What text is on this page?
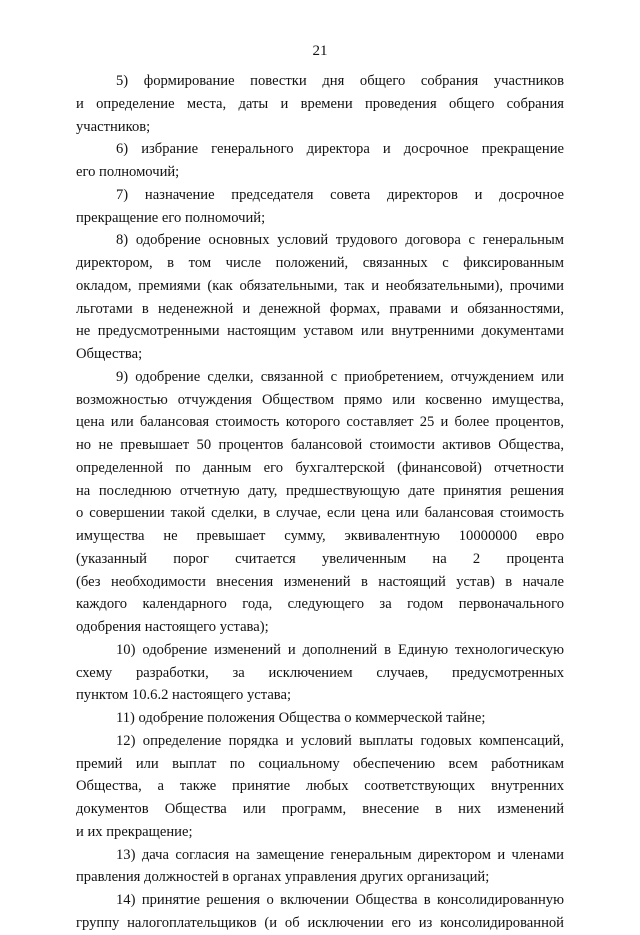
21
5) формирование повестки дня общего собрания участников
и определение места, даты и времени проведения общего собрания
участников;
6) избрание генерального директора и досрочное прекращение
его полномочий;
7) назначение председателя совета директоров и досрочное
прекращение его полномочий;
8) одобрение основных условий трудового договора с генеральным
директором, в том числе положений, связанных с фиксированным
окладом, премиями (как обязательными, так и необязательными), прочими
льготами в неденежной и денежной формах, правами и обязанностями,
не предусмотренными настоящим уставом или внутренними документами
Общества;
9) одобрение сделки, связанной с приобретением, отчуждением или
возможностью отчуждения Обществом прямо или косвенно имущества,
цена или балансовая стоимость которого составляет 25 и более процентов,
но не превышает 50 процентов балансовой стоимости активов Общества,
определенной по данным его бухгалтерской (финансовой) отчетности
на последнюю отчетную дату, предшествующую дате принятия решения
о совершении такой сделки, в случае, если цена или балансовая стоимость
имущества не превышает сумму, эквивалентную 10000000 евро
(указанный порог считается увеличенным на 2 процента
(без необходимости внесения изменений в настоящий устав) в начале
каждого календарного года, следующего за годом первоначального
одобрения настоящего устава);
10) одобрение изменений и дополнений в Единую технологическую
схему разработки, за исключением случаев, предусмотренных
пунктом 10.6.2 настоящего устава;
11) одобрение положения Общества о коммерческой тайне;
12) определение порядка и условий выплаты годовых компенсаций,
премий или выплат по социальному обеспечению всем работникам
Общества, а также принятие любых соответствующих внутренних
документов Общества или программ, внесение в них изменений
и их прекращение;
13) дача согласия на замещение генеральным директором и членами
правления должностей в органах управления других организаций;
14) принятие решения о включении Общества в консолидированную
группу налогоплательщиков (и об исключении его из консолидированной
